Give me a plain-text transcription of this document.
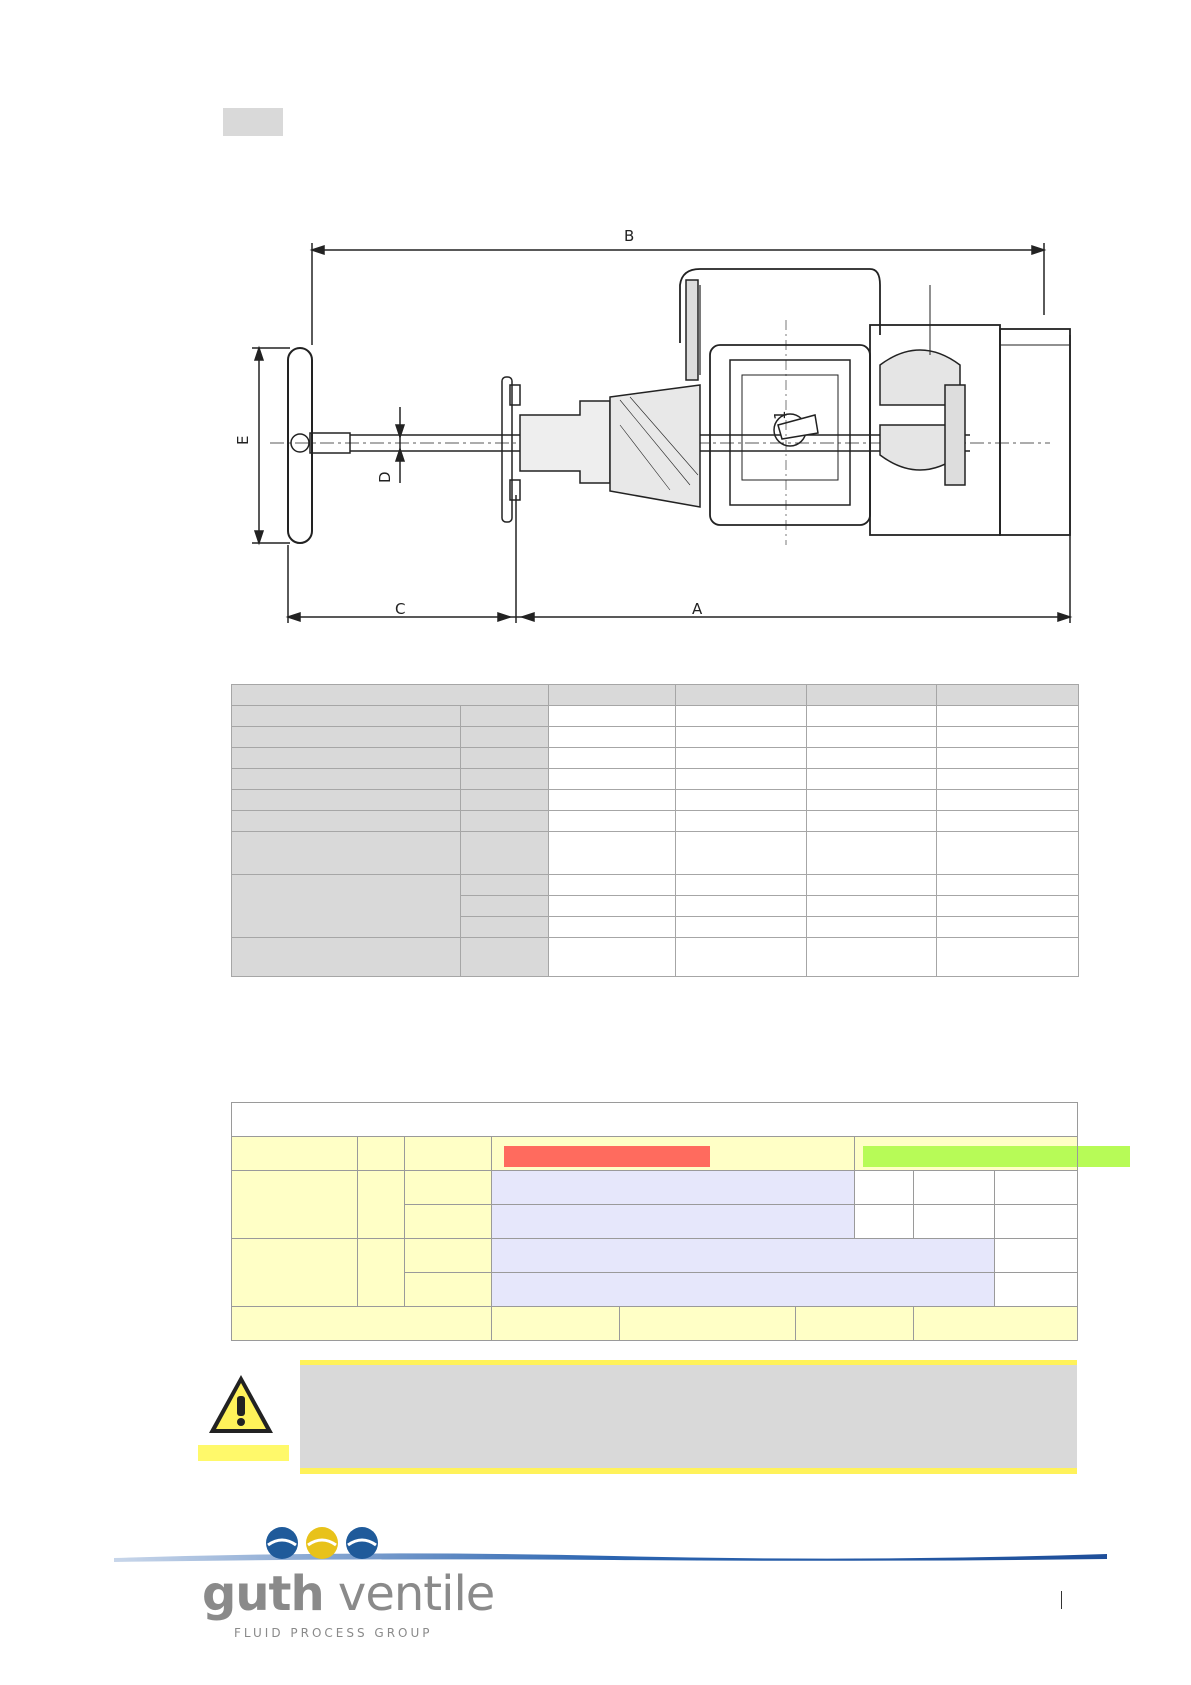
B
A
C
E
D
1

guth ventile
FLUID PROCESS GROUP
